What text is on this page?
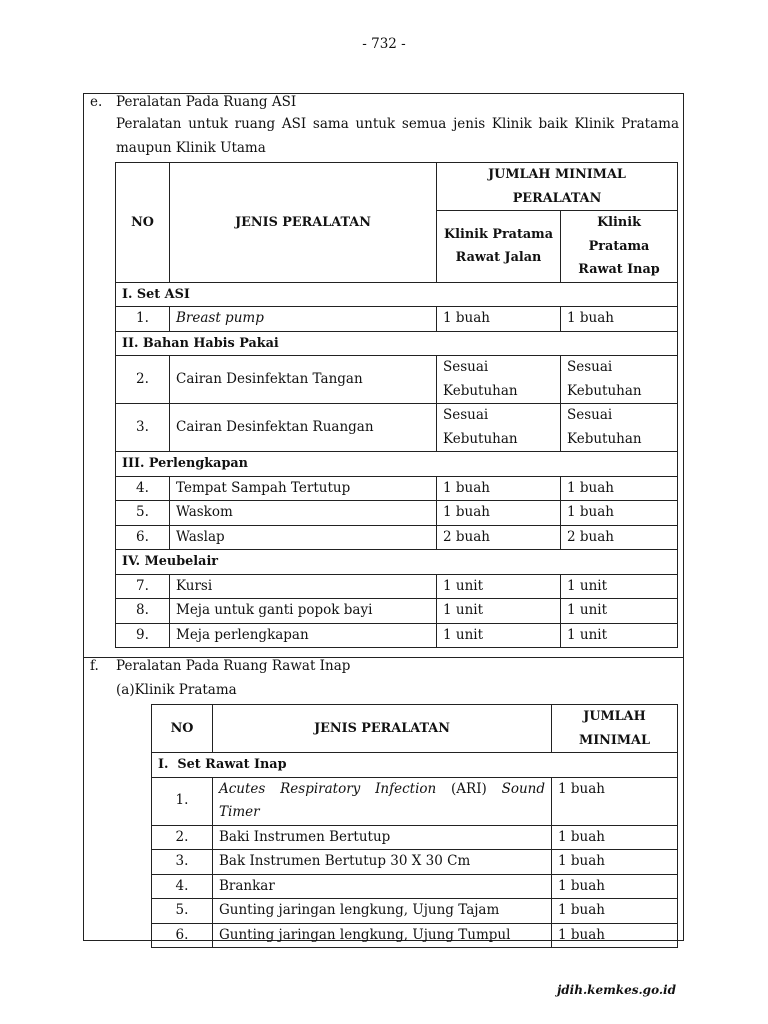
- 732 -
e. Peralatan Pada Ruang ASI
Peralatan untuk ruang ASI sama untuk semua jenis Klinik baik Klinik Pratama maupun Klinik Utama
NO	JENIS PERALATAN	JUMLAH MINIMAL PERALATAN	
		Klinik Pratama Rawat Jalan	Klinik Pratama Rawat Inap
I. Set ASI			
1.	Breast pump	1 buah	1 buah
II. Bahan Habis Pakai			
2.	Cairan Desinfektan Tangan	Sesuai Kebutuhan	Sesuai Kebutuhan
3.	Cairan Desinfektan Ruangan	Sesuai Kebutuhan	Sesuai Kebutuhan
III. Perlengkapan			
4.	Tempat Sampah Tertutup	1 buah	1 buah
5.	Waskom	1 buah	1 buah
6.	Waslap	2 buah	2 buah
IV. Meubelair			
7.	Kursi	1 unit	1 unit
8.	Meja untuk ganti popok bayi	1 unit	1 unit
9.	Meja perlengkapan	1 unit	1 unit
f. Peralatan Pada Ruang Rawat Inap
(a)Klinik Pratama
NO	JENIS PERALATAN	JUMLAH MINIMAL
I. Set Rawat Inap		
1.	Acutes Respiratory Infection (ARI) Sound Timer	1 buah
2.	Baki Instrumen Bertutup	1 buah
3.	Bak Instrumen Bertutup 30 X 30 Cm	1 buah
4.	Brankar	1 buah
5.	Gunting jaringan lengkung, Ujung Tajam	1 buah
6.	Gunting jaringan lengkung, Ujung Tumpul	1 buah
jdih.kemkes.go.id
